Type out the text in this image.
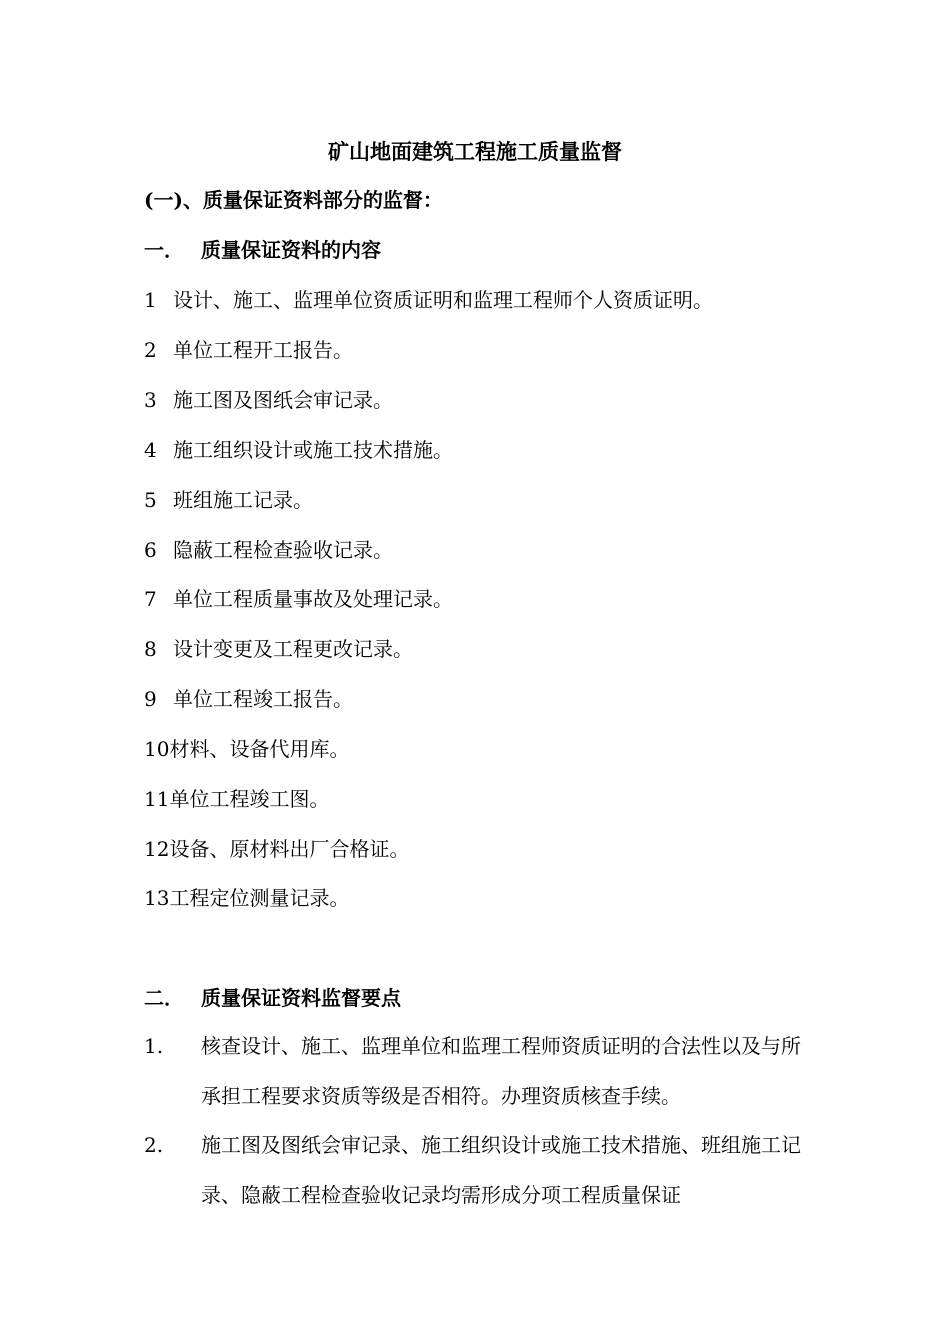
矿山地面建筑工程施工质量监督
(一)、质量保证资料部分的监督：
一． 质量保证资料的内容
1 设计、施工、监理单位资质证明和监理工程师个人资质证明。
2 单位工程开工报告。
3 施工图及图纸会审记录。
4 施工组织设计或施工技术措施。
5 班组施工记录。
6 隐蔽工程检查验收记录。
7 单位工程质量事故及处理记录。
8 设计变更及工程更改记录。
9 单位工程竣工报告。
10材料、设备代用库。
11单位工程竣工图。
12设备、原材料出厂合格证。
13工程定位测量记录。
二． 质量保证资料监督要点
1. 核查设计、施工、监理单位和监理工程师资质证明的合法性以及与所承担工程要求资质等级是否相符。办理资质核查手续。
2. 施工图及图纸会审记录、施工组织设计或施工技术措施、班组施工记录、隐蔽工程检查验收记录均需形成分项工程质量保证
